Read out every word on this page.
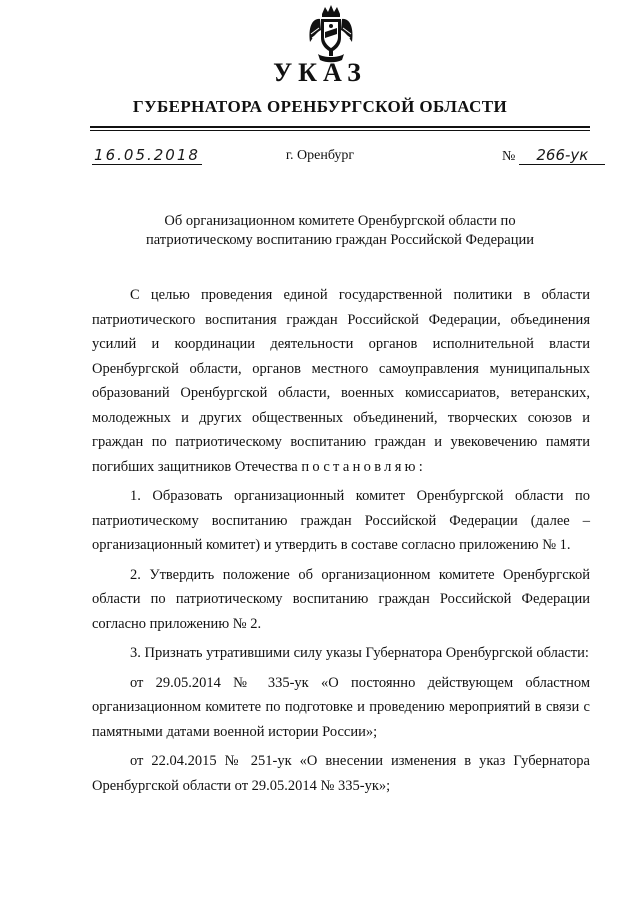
УКАЗ
ГУБЕРНАТОРА ОРЕНБУРГСКОЙ ОБЛАСТИ
16.05.2018	г. Оренбург	№ 266-ук
Об организационном комитете Оренбургской области по
патриотическому воспитанию граждан Российской Федерации

С целью проведения единой государственной политики в области патриотического воспитания граждан Российской Федерации, объединения усилий и координации деятельности органов исполнительной власти Оренбургской области, органов местного самоуправления муниципальных образований Оренбургской области, военных комиссариатов, ветеранских, молодежных и других общественных объединений, творческих союзов и граждан по патриотическому воспитанию граждан и увековечению памяти погибших защитников Отечества постановляю:

1. Образовать организационный комитет Оренбургской области по патриотическому воспитанию граждан Российской Федерации (далее – организационный комитет) и утвердить в составе согласно приложению № 1.

2. Утвердить положение об организационном комитете Оренбургской области по патриотическому воспитанию граждан Российской Федерации согласно приложению № 2.

3. Признать утратившими силу указы Губернатора Оренбургской области:

от 29.05.2014 № 335-ук «О постоянно действующем областном организационном комитете по подготовке и проведению мероприятий в связи с памятными датами военной истории России»;

от 22.04.2015 № 251-ук «О внесении изменения в указ Губернатора Оренбургской области от 29.05.2014 № 335-ук»;
